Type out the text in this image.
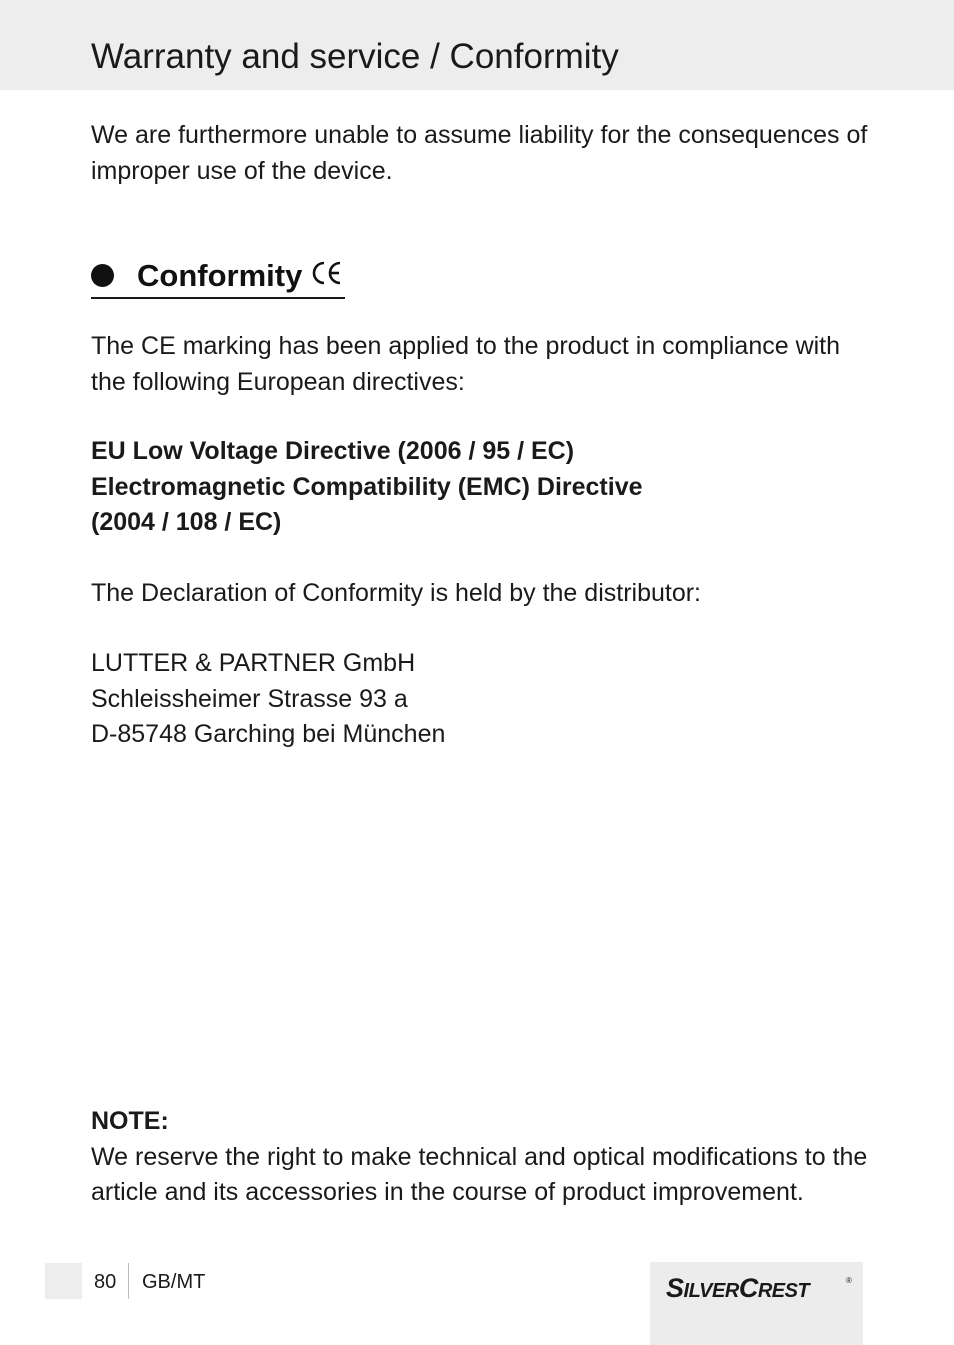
Warranty and service / Conformity

We are furthermore unable to assume liability for the consequences of improper use of the device.

Conformity

The CE marking has been applied to the product in compliance with the following European directives:

EU Low Voltage Directive (2006 / 95 / EC)
Electromagnetic Compatibility (EMC) Directive
(2004 / 108 / EC)

The Declaration of Conformity is held by the distributor:

LUTTER & PARTNER GmbH
Schleissheimer Strasse 93 a
D-85748 Garching bei München
NOTE:
We reserve the right to make technical and optical modifications to the article and its accessories in the course of product improvement.
80 GB/MT	SILVERCREST	®
